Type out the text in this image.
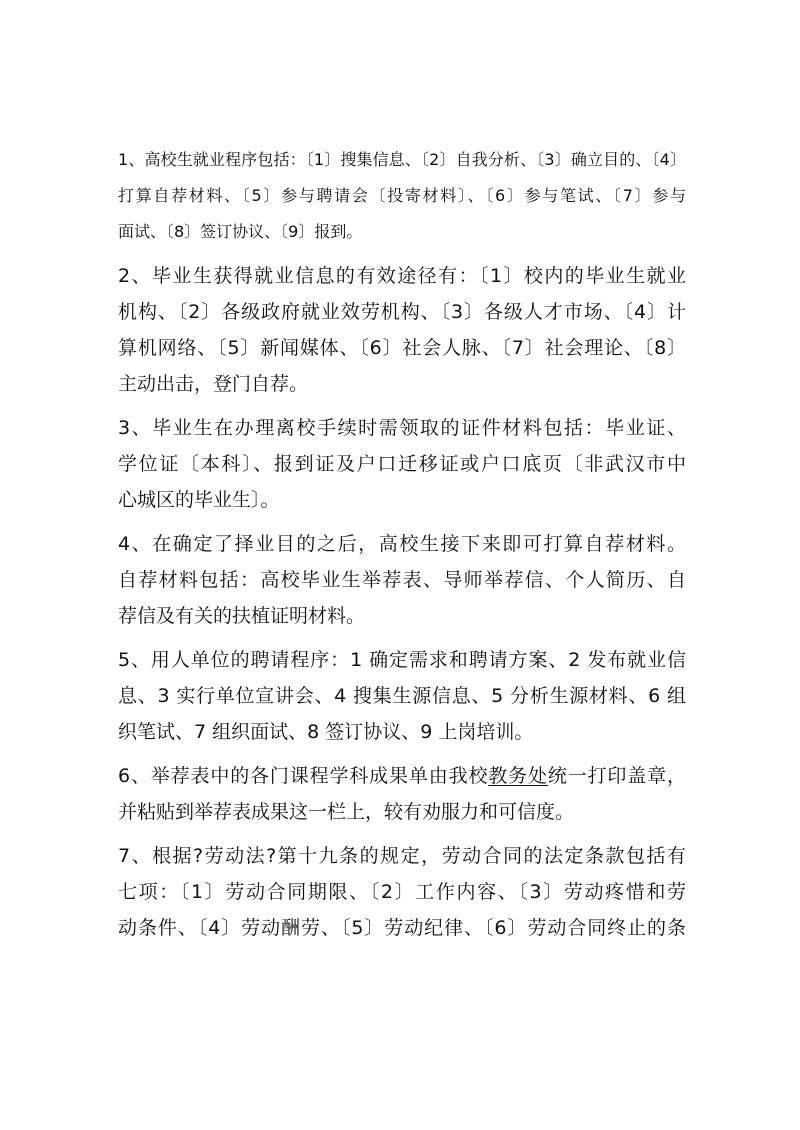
1、高校生就业程序包括：〔1〕搜集信息、〔2〕自我分析、〔3〕确立目的、〔4〕
打算自荐材料、〔5〕参与聘请会〔投寄材料〕、〔6〕参与笔试、〔7〕参与
面试、〔8〕签订协议、〔9〕报到。
2、毕业生获得就业信息的有效途径有：〔1〕校内的毕业生就业
机构、〔2〕各级政府就业效劳机构、〔3〕各级人才市场、〔4〕计
算机网络、〔5〕新闻媒体、〔6〕社会人脉、〔7〕社会理论、〔8〕
主动出击，登门自荐。
3、毕业生在办理离校手续时需领取的证件材料包括：毕业证、
学位证〔本科〕、报到证及户口迁移证或户口底页〔非武汉市中
心城区的毕业生〕。
4、在确定了择业目的之后，高校生接下来即可打算自荐材料。
自荐材料包括：高校毕业生举荐表、导师举荐信、个人简历、自
荐信及有关的扶植证明材料。
5、用人单位的聘请程序：1 确定需求和聘请方案、2 发布就业信
息、3 实行单位宣讲会、4 搜集生源信息、5 分析生源材料、6 组
织笔试、7 组织面试、8 签订协议、9 上岗培训。
6、举荐表中的各门课程学科成果单由我校教务处统一打印盖章，
并粘贴到举荐表成果这一栏上，较有劝服力和可信度。
7、根据?劳动法?第十九条的规定，劳动合同的法定条款包括有
七项：〔1〕劳动合同期限、〔2〕工作内容、〔3〕劳动疼惜和劳
动条件、〔4〕劳动酬劳、〔5〕劳动纪律、〔6〕劳动合同终止的条
